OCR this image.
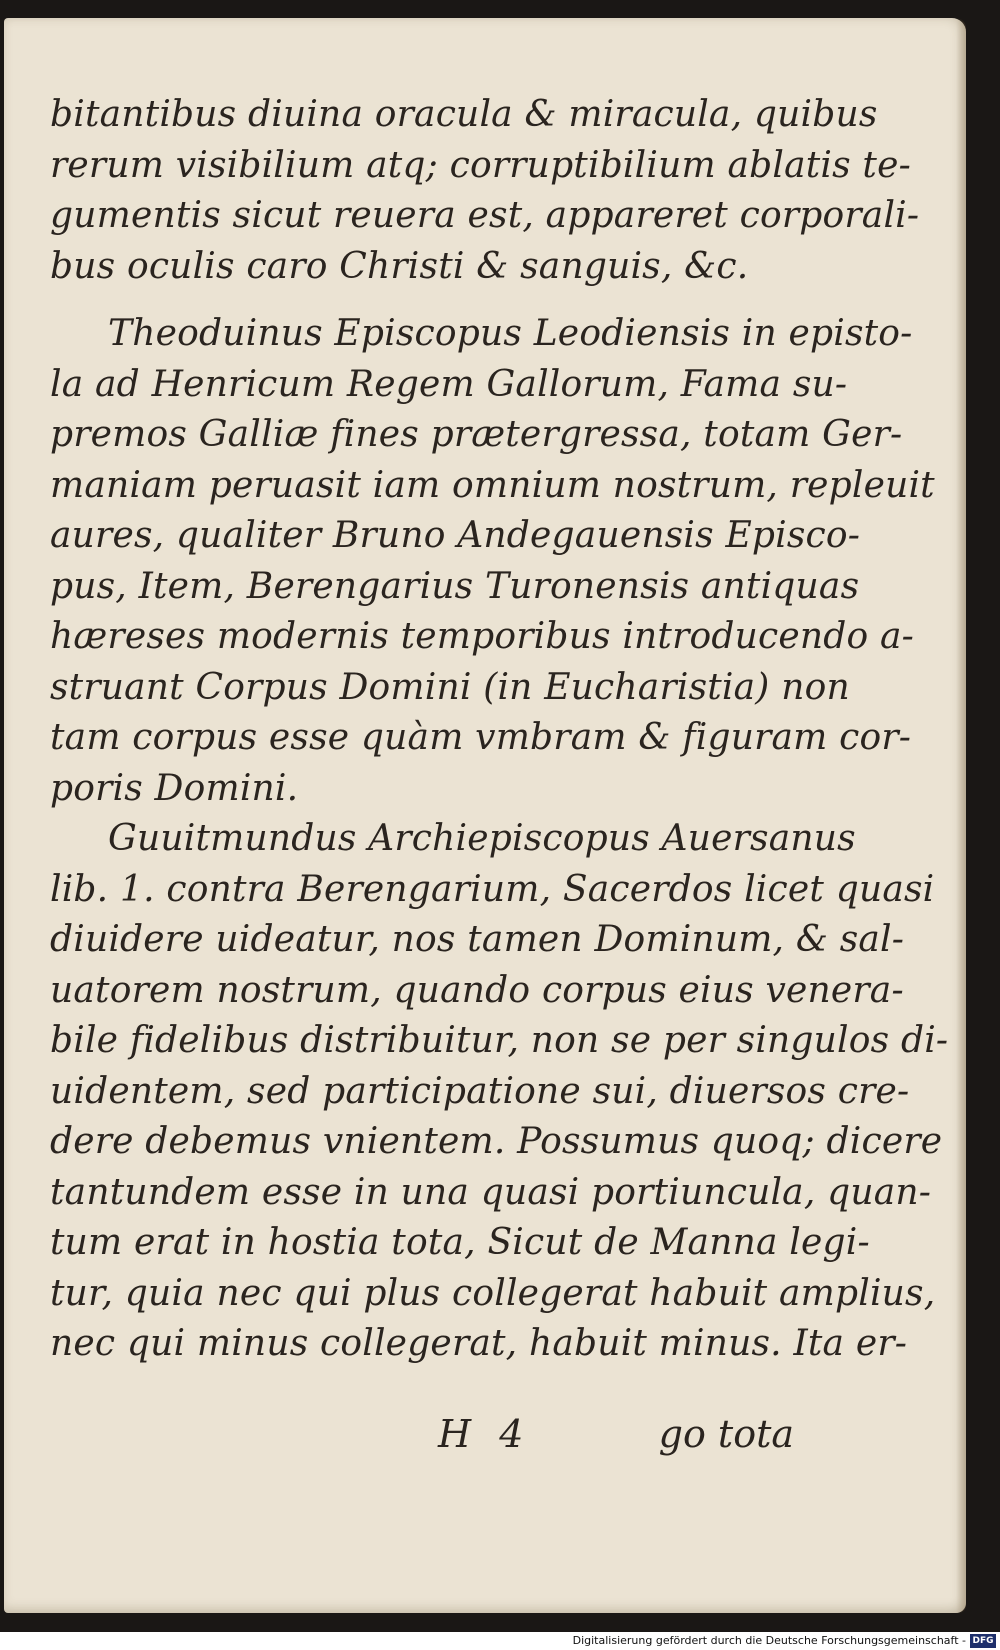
bitantibus diuina oracula & miracula, quibus
rerum visibilium atq; corruptibilium ablatis te-
gumentis sicut reuera est, appareret corporali-
bus oculis caro Christi & sanguis, &c.
Theoduinus Episcopus Leodiensis in episto-
la ad Henricum Regem Gallorum, Fama su-
premos Galliæ fines prætergressa, totam Ger-
maniam peruasit iam omnium nostrum, repleuit
aures, qualiter Bruno Andegauensis Episco-
pus, Item, Berengarius Turonensis antiquas
hæreses modernis temporibus introducendo a-
struant Corpus Domini (in Eucharistia) non
tam corpus esse quàm vmbram & figuram cor-
poris Domini.
Guuitmundus Archiepiscopus Auersanus
lib. 1. contra Berengarium, Sacerdos licet quasi
diuidere uideatur, nos tamen Dominum, & sal-
uatorem nostrum, quando corpus eius venera-
bile fidelibus distribuitur, non se per singulos di-
uidentem, sed participatione sui, diuersos cre-
dere debemus vnientem. Possumus quoq; dicere
tantundem esse in una quasi portiuncula, quan-
tum erat in hostia tota, Sicut de Manna legi-
tur, quia nec qui plus collegerat habuit amplius,
nec qui minus collegerat, habuit minus. Ita er-
H 4	go tota
Digitalisierung gefördert durch die Deutsche Forschungsgemeinschaft - DFG
